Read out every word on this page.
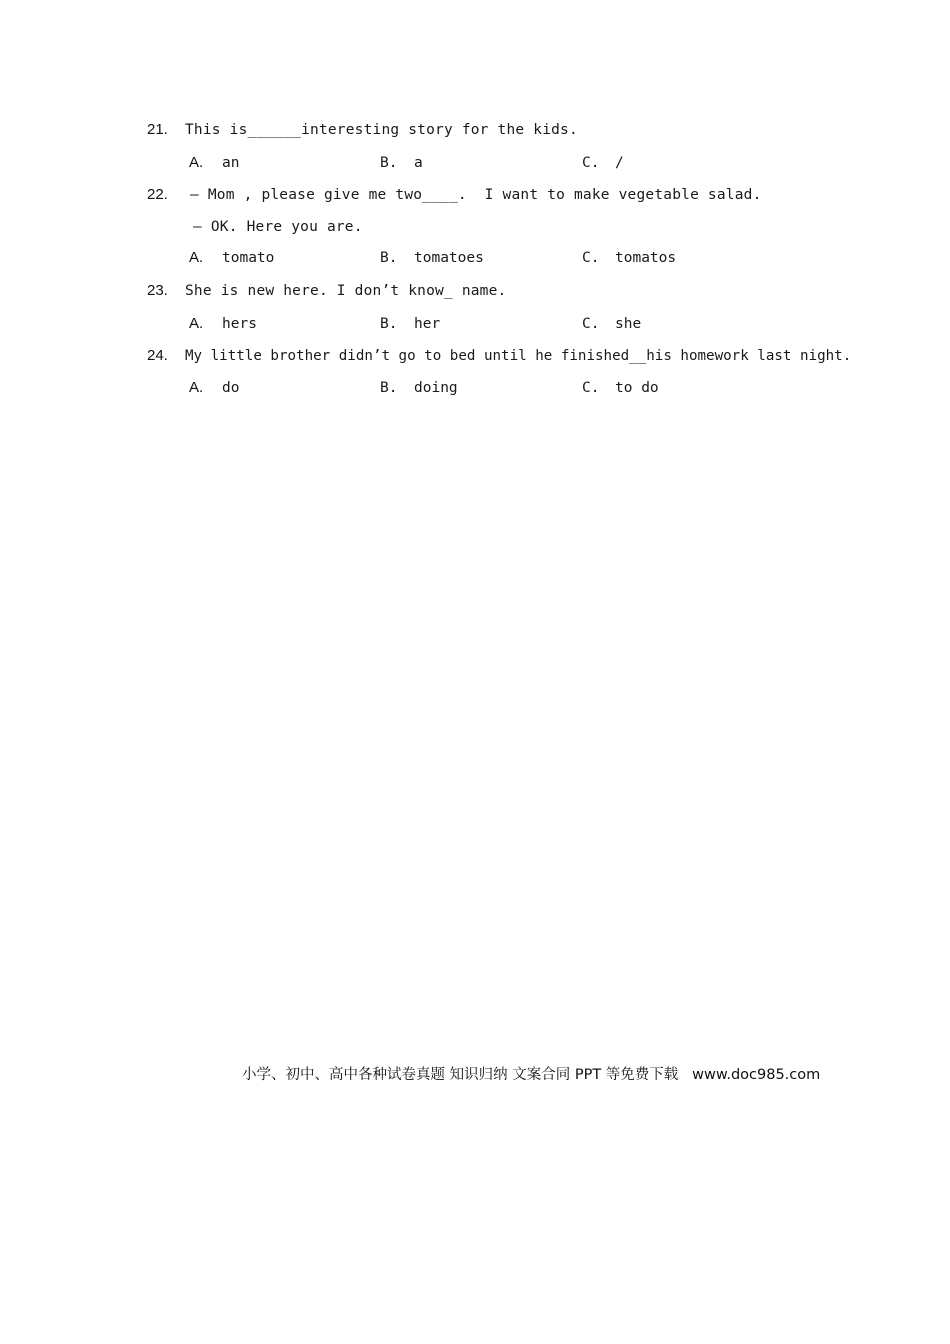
21. This is______interesting story for the kids.
A. an	B. a	C. /
22. – Mom , please give me two____.  I want to make vegetable salad.
– OK. Here you are.
A. tomato	B. tomatoes	C. tomatos
23. She is new here. I don’t know_ name.
A. hers	B. her	C. she
24. My little brother didn’t go to bed until he finished__his homework last night.
A. do	B. doing	C. to do
小学、初中、高中各种试卷真题 知识归纳 文案合同 PPT 等免费下载   www.doc985.com
